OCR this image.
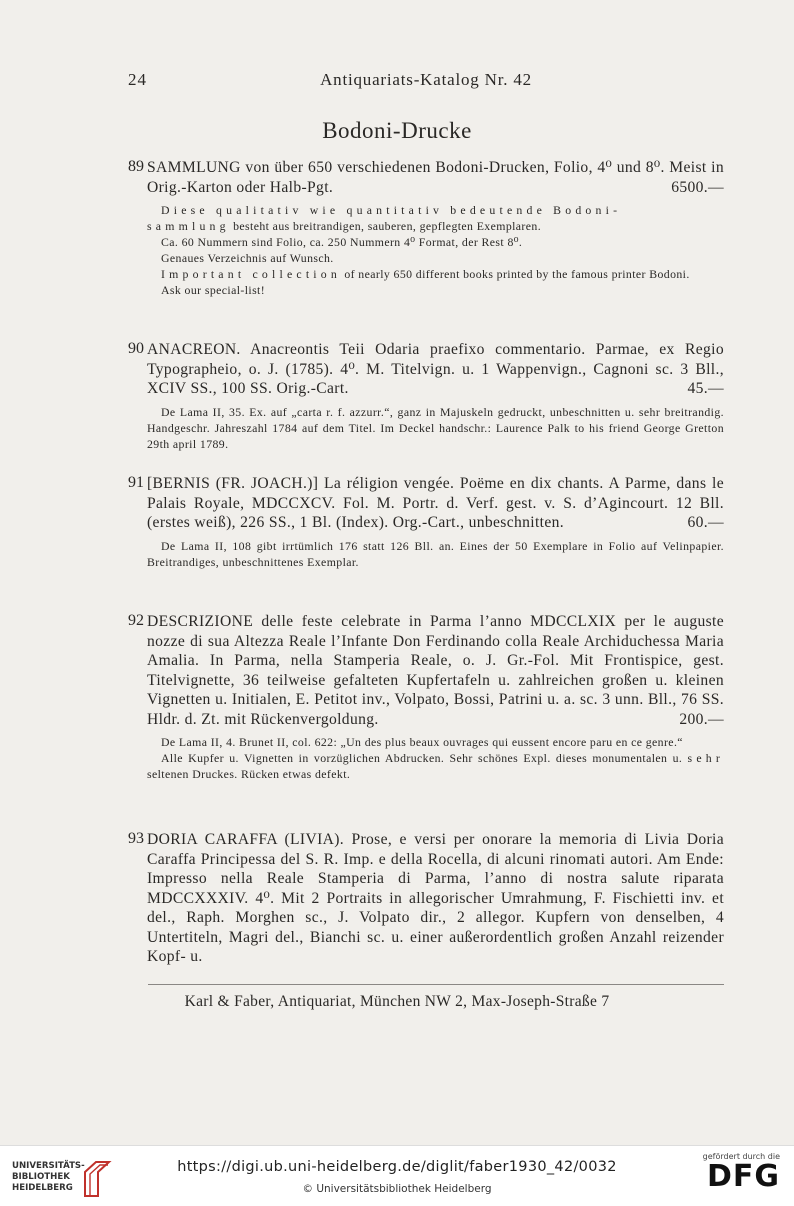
24	Antiquariats-Katalog Nr. 42
Bodoni-Drucke
89 SAMMLUNG von über 650 verschiedenen Bodoni-Drucken, Folio, 4⁰ und 8⁰. Meist in Orig.-Karton oder Halb-Pgt.	6500.—

Diese qualitativ wie quantitativ bedeutende Bodoni-
sammlung besteht aus breitrandigen, sauberen, gepflegten Exemplaren.

Ca. 60 Nummern sind Folio, ca. 250 Nummern 4⁰ Format, der Rest 8⁰.

Genaues Verzeichnis auf Wunsch.

Important collection of nearly 650 different books printed by the famous printer Bodoni.

Ask our special-list!

90 ANACREON. Anacreontis Teii Odaria praefixo commentario. Parmae, ex Regio Typographeio, o. J. (1785). 4⁰. M. Titelvign. u. 1 Wappenvign., Cagnoni sc. 3 Bll., XCIV SS., 100 SS. Orig.-Cart.	45.—

De Lama II, 35. Ex. auf „carta r. f. azzurr.“, ganz in Majuskeln gedruckt, unbeschnitten u. sehr breitrandig. Handgeschr. Jahreszahl 1784 auf dem Titel. Im Deckel handschr.: Laurence Palk to his friend George Gretton 29th april 1789.

91 [BERNIS (FR. JOACH.)] La réligion vengée. Poëme en dix chants. A Parme, dans le Palais Royale, MDCCXCV. Fol. M. Portr. d. Verf. gest. v. S. d’Agincourt. 12 Bll. (erstes weiß), 226 SS., 1 Bl. (Index). Org.-Cart., unbeschnitten.	60.—

De Lama II, 108 gibt irrtümlich 176 statt 126 Bll. an. Eines der 50 Exemplare in Folio auf Velinpapier. Breitrandiges, unbeschnittenes Exemplar.

92 DESCRIZIONE delle feste celebrate in Parma l’anno MDCCLXIX per le auguste nozze di sua Altezza Reale l’Infante Don Ferdinando colla Reale Archiduchessa Maria Amalia. In Parma, nella Stamperia Reale, o. J. Gr.-Fol. Mit Frontispice, gest. Titelvignette, 36 teilweise gefalteten Kupfertafeln u. zahlreichen großen u. kleinen Vignetten u. Initialen, E. Petitot inv., Volpato, Bossi, Patrini u. a. sc. 3 unn. Bll., 76 SS. Hldr. d. Zt. mit Rückenvergoldung.	200.—

De Lama II, 4. Brunet II, col. 622: „Un des plus beaux ouvrages qui eussent encore paru en ce genre.“

Alle Kupfer u. Vignetten in vorzüglichen Abdrucken. Sehr schönes Expl. dieses monumentalen u. sehr seltenen Druckes. Rücken etwas defekt.

93 DORIA CARAFFA (LIVIA). Prose, e versi per onorare la memoria di Livia Doria Caraffa Principessa del S. R. Imp. e della Rocella, di alcuni rinomati autori. Am Ende: Impresso nella Reale Stamperia di Parma, l’anno di nostra salute riparata MDCCXXXIV. 4⁰. Mit 2 Portraits in allegorischer Umrahmung, F. Fischietti inv. et del., Raph. Morghen sc., J. Volpato dir., 2 allegor. Kupfern von denselben, 4 Untertiteln, Magri del., Bianchi sc. u. einer außerordentlich großen Anzahl reizender Kopf- u.
Karl & Faber, Antiquariat, München NW 2, Max-Joseph-Straße 7
UNIVERSITÄTS-
BIBLIOTHEK
HEIDELBERG
https://digi.ub.uni-heidelberg.de/diglit/faber1930_42/0032
© Universitätsbibliothek Heidelberg
gefördert durch die
DFG
